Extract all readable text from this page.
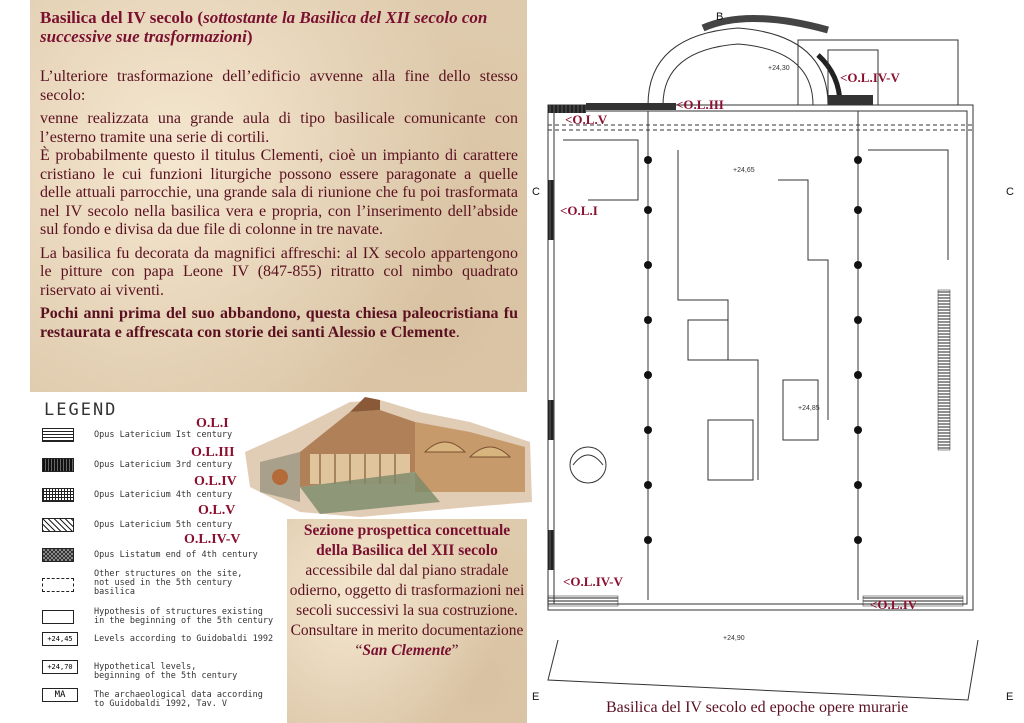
Basilica del IV secolo (sottostante la Basilica del XII secolo con successive sue trasformazioni)

L’ulteriore trasformazione dell’edificio avvenne alla fine dello stesso secolo:

venne realizzata una grande aula di tipo basilicale comunicante con l’esterno tramite una serie di cortili.

È probabilmente questo il titulus Clementi, cioè un impianto di carattere cristiano le cui funzioni liturgiche possono essere paragonate a quelle delle attuali parrocchie, una grande sala di riunione che fu poi trasformata nel IV secolo nella basilica vera e propria, con l’inserimento dell’abside sul fondo e divisa da due file di colonne in tre navate.

La basilica fu decorata da magnifici affreschi: al IX secolo appartengono le pitture con papa Leone IV (847-855) ritratto col nimbo quadrato riservato ai viventi.

Pochi anni prima del suo abbandono, questa chiesa paleocristiana fu restaurata e affrescata con storie dei santi Alessio e Clemente.

LEGEND
Opus Latericium Ist century
Opus Latericium 3rd century
Opus Latericium 4th century
Opus Latericium 5th century
Opus Listatum end of 4th century
Other structures on the site,
not used in the 5th century
basilica
Hypothesis of structures existing
in the beginning of the 5th century
+24,45	Levels according to Guidobaldi 1992
+24,70	Hypothetical levels,
beginning of the 5th century
MA	The archaeological data according
to Guidobaldi 1992, Tav. V
O.L.I
O.L.III
O.L.IV
O.L.V
O.L.IV-V
Sezione prospettica concettuale della Basilica del XII secolo accessibile dal dal piano stradale odierno, oggetto di trasformazioni nei secoli successivi la sua costruzione. Consultare in merito documentazione “San Clemente”
B
C	C
E	E
+24,65
+24,85
+24,90
+24,30
<O.L.IV-V
<O.L.III
<O.L.V
<O.L.I
<O.L.IV-V
<O.L.IV
Basilica del IV secolo ed epoche opere murarie
